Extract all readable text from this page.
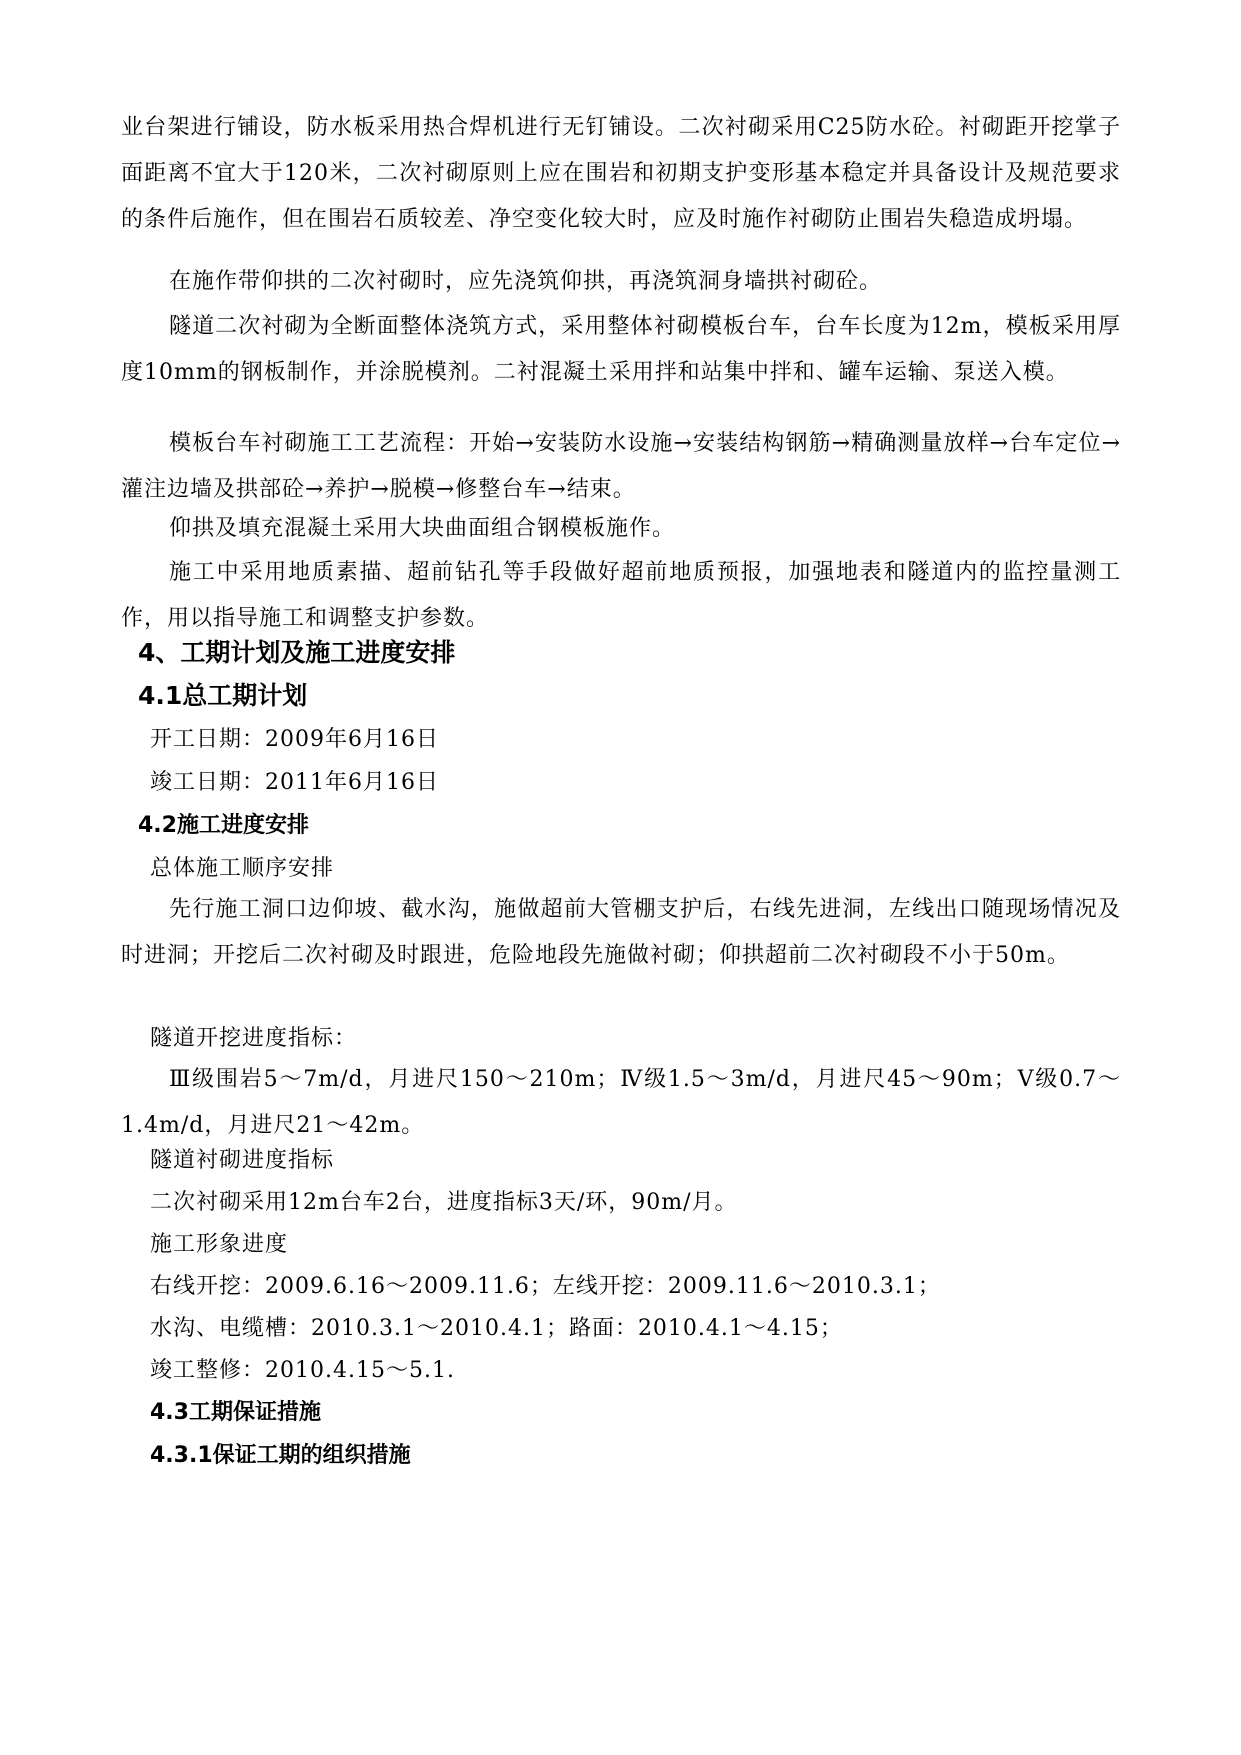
业台架进行铺设，防水板采用热合焊机进行无钉铺设。二次衬砌采用C25防水砼。衬砌距开挖掌子面距离不宜大于120米，二次衬砌原则上应在围岩和初期支护变形基本稳定并具备设计及规范要求的条件后施作，但在围岩石质较差、净空变化较大时，应及时施作衬砌防止围岩失稳造成坍塌。

在施作带仰拱的二次衬砌时，应先浇筑仰拱，再浇筑洞身墙拱衬砌砼。

隧道二次衬砌为全断面整体浇筑方式，采用整体衬砌模板台车，台车长度为12m，模板采用厚度10mm的钢板制作，并涂脱模剂。二衬混凝土采用拌和站集中拌和、罐车运输、泵送入模。

模板台车衬砌施工工艺流程：开始→安装防水设施→安装结构钢筋→精确测量放样→台车定位→灌注边墙及拱部砼→养护→脱模→修整台车→结束。

仰拱及填充混凝土采用大块曲面组合钢模板施作。

施工中采用地质素描、超前钻孔等手段做好超前地质预报，加强地表和隧道内的监控量测工作，用以指导施工和调整支护参数。

4、工期计划及施工进度安排
4.1总工期计划

开工日期：2009年6月16日

竣工日期：2011年6月16日

4.2施工进度安排

总体施工顺序安排

先行施工洞口边仰坡、截水沟，施做超前大管棚支护后，右线先进洞，左线出口随现场情况及时进洞；开挖后二次衬砌及时跟进，危险地段先施做衬砌；仰拱超前二次衬砌段不小于50m。

隧道开挖进度指标：

Ⅲ级围岩5～7m/d，月进尺150～210m；Ⅳ级1.5～3m/d，月进尺45～90m；Ⅴ级0.7～1.4m/d，月进尺21～42m。

隧道衬砌进度指标

二次衬砌采用12m台车2台，进度指标3天/环，90m/月。

施工形象进度

右线开挖：2009.6.16～2009.11.6；左线开挖：2009.11.6～2010.3.1；

水沟、电缆槽：2010.3.1～2010.4.1；路面：2010.4.1～4.15；

竣工整修：2010.4.15～5.1.

4.3工期保证措施
4.3.1保证工期的组织措施
